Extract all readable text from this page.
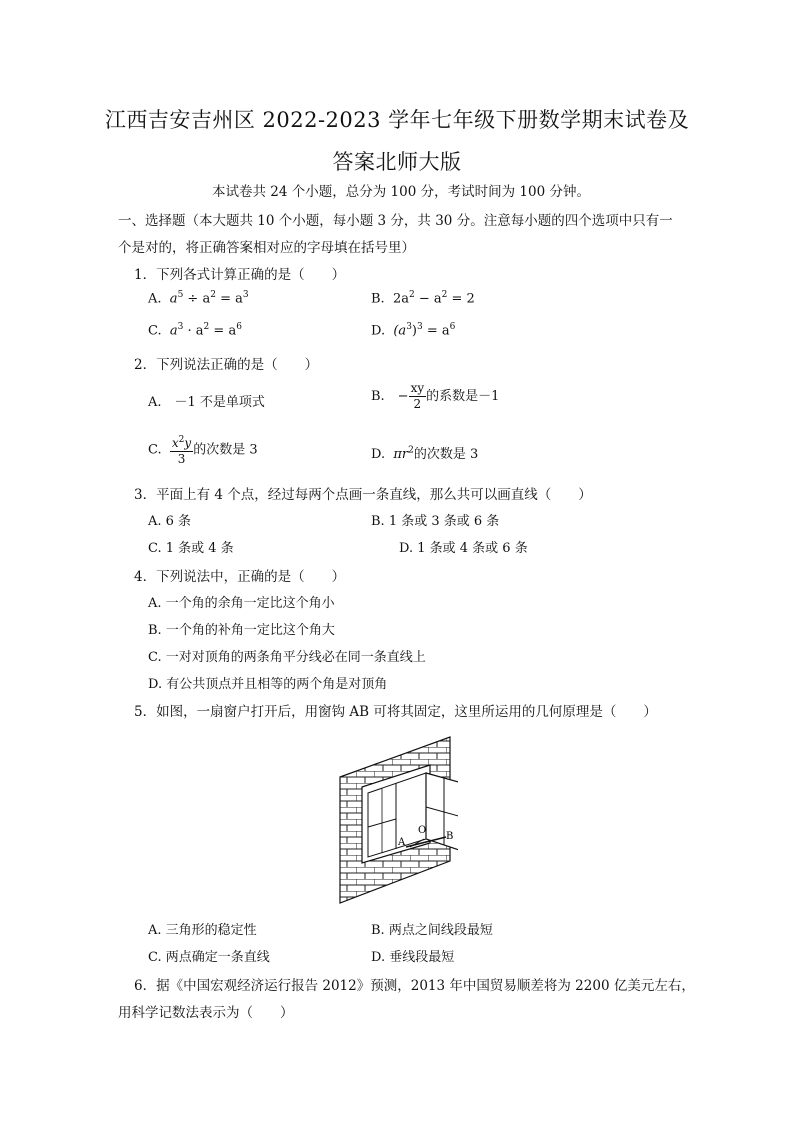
江西吉安吉州区 2022-2023 学年七年级下册数学期末试卷及
答案北师大版
本试卷共 24 个小题，总分为 100 分，考试时间为 100 分钟。
一、选择题（本大题共 10 个小题，每小题 3 分，共 30 分。注意每小题的四个选项中只有一
个是对的，将正确答案相对应的字母填在括号里）
1．下列各式计算正确的是（　　）
A. $a^5 \div a^2 = a^3$	B. $2a^2 - a^2 = 2$
C. $a^3 \cdot a^2 = a^6$	D. $(a^3)^3 = a^6$
2．下列说法正确的是（　　）
A.　－1 不是单项式	B.　− $\frac{xy}{2}$ 的系数是－1
C. $\frac{x^2y}{3}$ 的次数是 3	D. $\pi r^2$的次数是 3
3．平面上有 4 个点，经过每两个点画一条直线，那么共可以画直线（　　）
A. 6 条	B. 1 条或 3 条或 6 条
C. 1 条或 4 条	D. 1 条或 4 条或 6 条
4．下列说法中，正确的是（　　）
A. 一个角的余角一定比这个角小
B. 一个角的补角一定比这个角大
C. 一对对顶角的两条角平分线必在同一条直线上
D. 有公共顶点并且相等的两个角是对顶角
5．如图，一扇窗户打开后，用窗钩 AB 可将其固定，这里所运用的几何原理是（　　）
A
O
B
A. 三角形的稳定性	B. 两点之间线段最短
C. 两点确定一条直线	D. 垂线段最短
6．据《中国宏观经济运行报告 2012》预测，2013 年中国贸易顺差将为 2200 亿美元左右，
用科学记数法表示为（　　）
